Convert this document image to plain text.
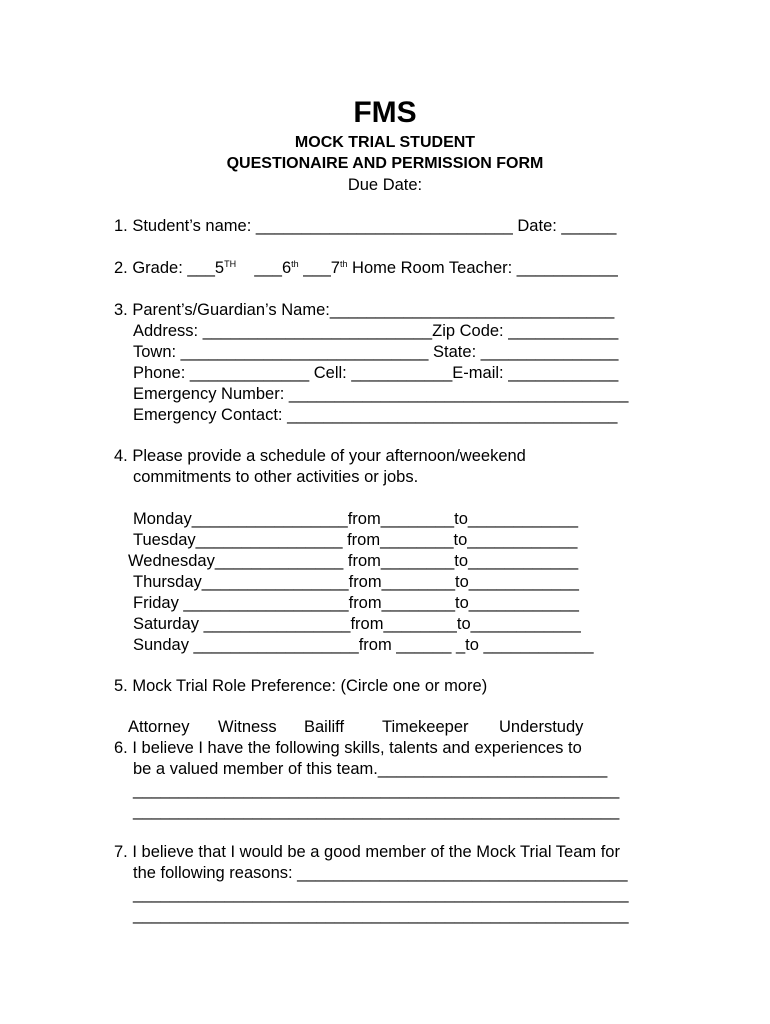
FMS
MOCK TRIAL STUDENT
QUESTIONAIRE AND PERMISSION FORM
Due Date:
1. Student’s name: ____________________________ Date: ______
2. Grade: ___5TH    ___6th ___7th Home Room Teacher: ___________
3. Parent’s/Guardian’s Name:_______________________________
Address: _________________________Zip Code: ____________
Town: ___________________________ State: _______________
Phone: _____________ Cell: ___________E-mail: ____________
Emergency Number: _____________________________________
Emergency Contact: ____________________________________
4. Please provide a schedule of your afternoon/weekend
commitments to other activities or jobs.
Monday_________________from________to____________
Tuesday________________ from________to____________
Wednesday______________ from________to____________
Thursday________________from________to____________
Friday __________________from________to____________
Saturday ________________from________to____________
Sunday __________________from ______ _to ____________
5. Mock Trial Role Preference: (Circle one or more)
Attorney Witness Bailiff Timekeeper Understudy
6. I believe I have the following skills, talents and experiences to
be a valued member of this team._________________________
_____________________________________________________
_____________________________________________________
7. I believe that I would be a good member of the Mock Trial Team for
the following reasons: ____________________________________
______________________________________________________
______________________________________________________
